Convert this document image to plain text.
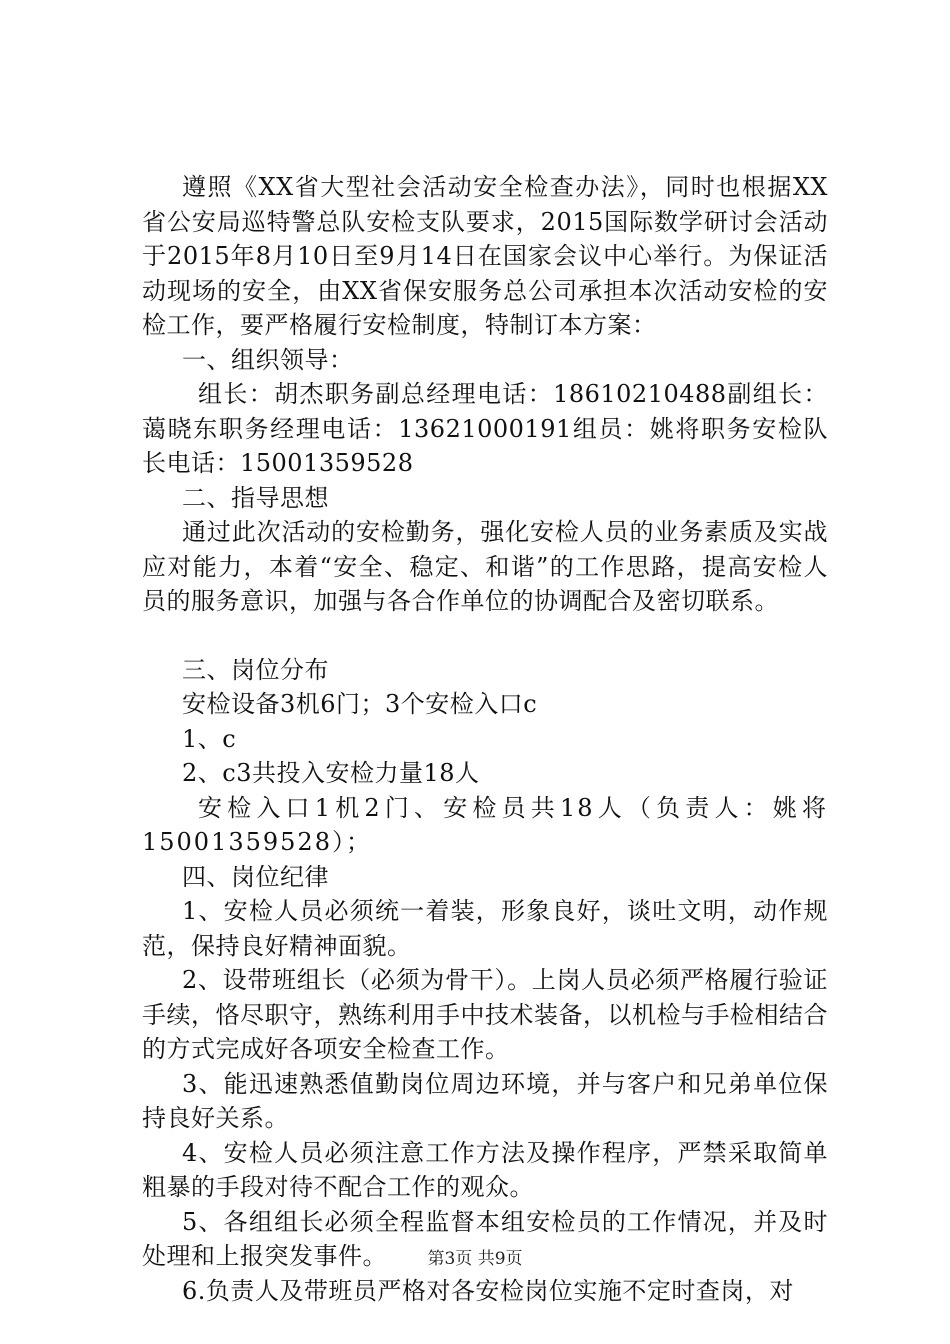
遵照《XX省大型社会活动安全检查办法》，同时也根据XX省公安局巡特警总队安检支队要求，2015国际数学研讨会活动于2015年8月10日至9月14日在国家会议中心举行。为保证活动现场的安全，由XX省保安服务总公司承担本次活动安检的安检工作，要严格履行安检制度，特制订本方案：

一、组织领导：

组长：胡杰职务副总经理电话：18610210488副组长：蔼晓东职务经理电话：13621000191组员：姚将职务安检队长电话：15001359528

二、指导思想

通过此次活动的安检勤务，强化安检人员的业务素质及实战应对能力，本着“安全、稳定、和谐”的工作思路，提高安检人员的服务意识，加强与各合作单位的协调配合及密切联系。

三、岗位分布

安检设备3机6门；3个安检入口c

1、c

2、c3共投入安检力量18人

安检入口1机2门、安检员共18人（负责人：姚将15001359528）；

四、岗位纪律

1、安检人员必须统一着装，形象良好，谈吐文明，动作规范，保持良好精神面貌。

2、设带班组长（必须为骨干）。上岗人员必须严格履行验证手续，恪尽职守，熟练利用手中技术装备，以机检与手检相结合的方式完成好各项安全检查工作。

3、能迅速熟悉值勤岗位周边环境，并与客户和兄弟单位保持良好关系。

4、安检人员必须注意工作方法及操作程序，严禁采取简单粗暴的手段对待不配合工作的观众。

5、各组组长必须全程监督本组安检员的工作情况，并及时处理和上报突发事件。

6.负责人及带班员严格对各安检岗位实施不定时查岗，对

第3页 共9页
